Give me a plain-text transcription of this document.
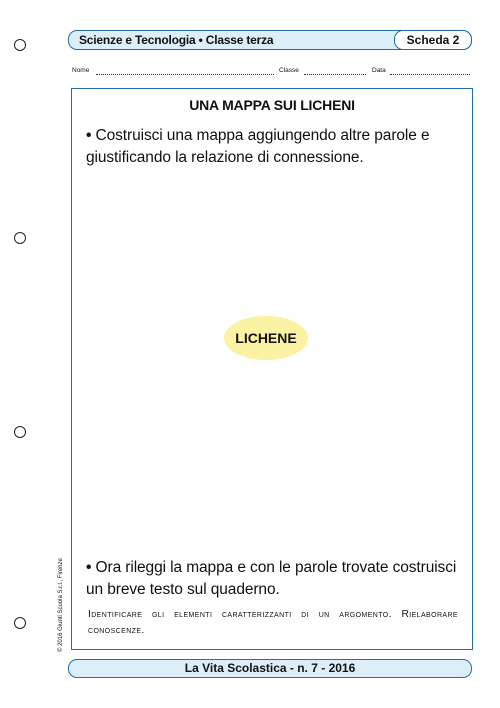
Scienze e Tecnologia • Classe terza	Scheda 2
Nome	Classe	Data
UNA MAPPA SUI LICHENI
• Costruisci una mappa aggiungendo altre parole e giustificando la relazione di connessione.
LICHENE
• Ora rileggi la mappa e con le parole trovate costruisci un breve testo sul quaderno.
Identificare gli elementi caratterizzanti di un argomento. Rielaborare conoscenze.
© 2016 Giunti Scuola S.r.l., Firenze
La Vita Scolastica - n. 7 - 2016
